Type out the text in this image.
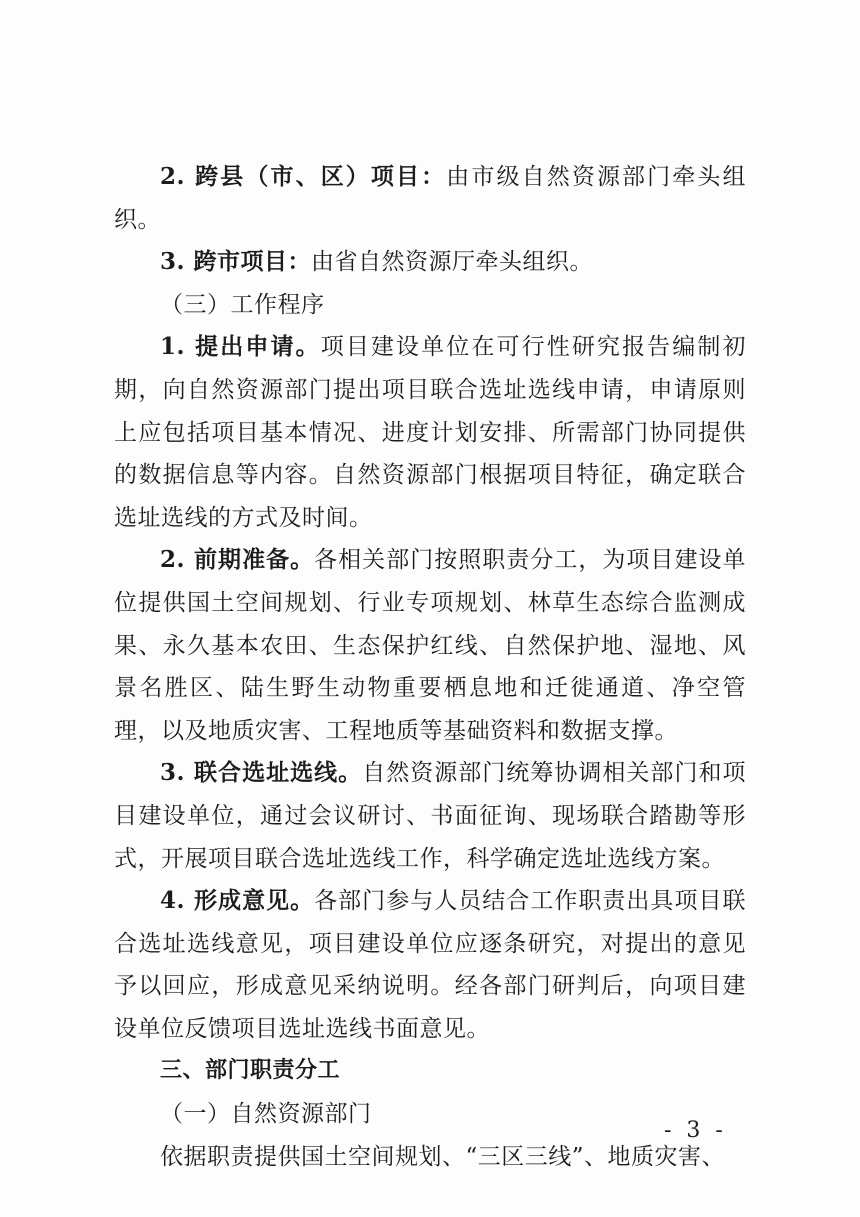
2. 跨县（市、区）项目：由市级自然资源部门牵头组织。

3. 跨市项目：由省自然资源厅牵头组织。

（三）工作程序

1. 提出申请。项目建设单位在可行性研究报告编制初期，向自然资源部门提出项目联合选址选线申请，申请原则上应包括项目基本情况、进度计划安排、所需部门协同提供的数据信息等内容。自然资源部门根据项目特征，确定联合选址选线的方式及时间。

2. 前期准备。各相关部门按照职责分工，为项目建设单位提供国土空间规划、行业专项规划、林草生态综合监测成果、永久基本农田、生态保护红线、自然保护地、湿地、风景名胜区、陆生野生动物重要栖息地和迁徙通道、净空管理，以及地质灾害、工程地质等基础资料和数据支撑。

3. 联合选址选线。自然资源部门统筹协调相关部门和项目建设单位，通过会议研讨、书面征询、现场联合踏勘等形式，开展项目联合选址选线工作，科学确定选址选线方案。

4. 形成意见。各部门参与人员结合工作职责出具项目联合选址选线意见，项目建设单位应逐条研究，对提出的意见予以回应，形成意见采纳说明。经各部门研判后，向项目建设单位反馈项目选址选线书面意见。

三、部门职责分工

（一）自然资源部门

依据职责提供国土空间规划、“三区三线”、地质灾害、

- 3 -
